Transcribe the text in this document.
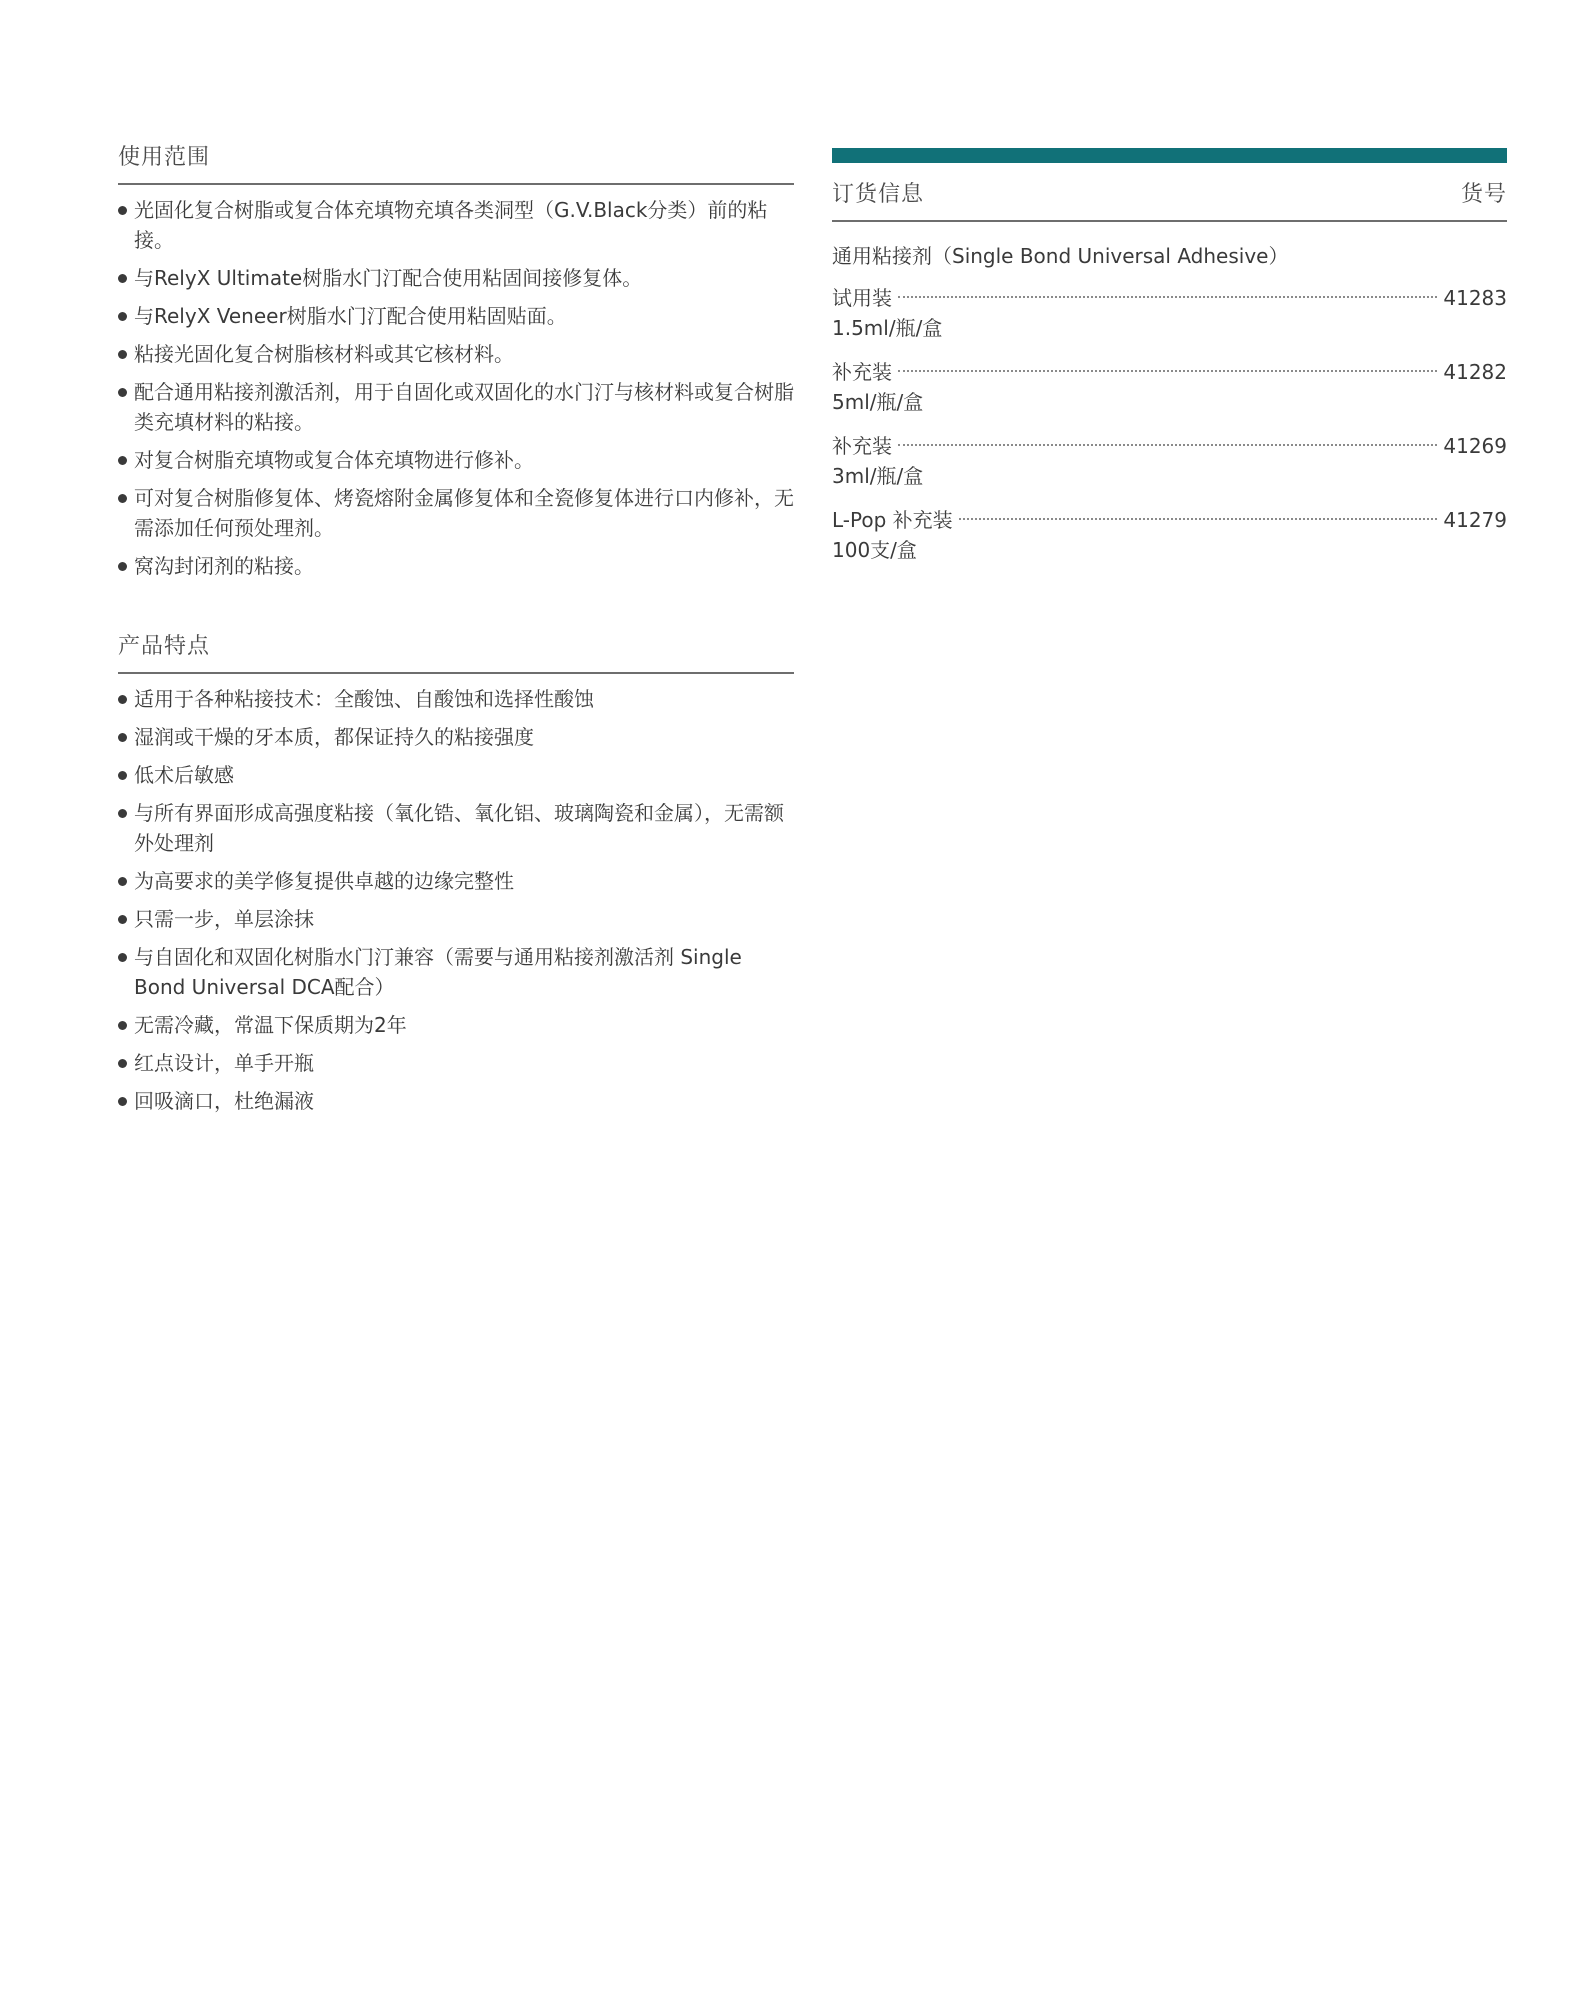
使用范围
光固化复合树脂或复合体充填物充填各类洞型（G.V.Black分类）前的粘接。
与RelyX Ultimate树脂水门汀配合使用粘固间接修复体。
与RelyX Veneer树脂水门汀配合使用粘固贴面。
粘接光固化复合树脂核材料或其它核材料。
配合通用粘接剂激活剂，用于自固化或双固化的水门汀与核材料或复合树脂类充填材料的粘接。
对复合树脂充填物或复合体充填物进行修补。
可对复合树脂修复体、烤瓷熔附金属修复体和全瓷修复体进行口内修补，无需添加任何预处理剂。
窝沟封闭剂的粘接。
产品特点
适用于各种粘接技术：全酸蚀、自酸蚀和选择性酸蚀
湿润或干燥的牙本质，都保证持久的粘接强度
低术后敏感
与所有界面形成高强度粘接（氧化锆、氧化铝、玻璃陶瓷和金属），无需额外处理剂
为高要求的美学修复提供卓越的边缘完整性
只需一步，单层涂抹
与自固化和双固化树脂水门汀兼容（需要与通用粘接剂激活剂 Single Bond Universal DCA配合）
无需冷藏，常温下保质期为2年
红点设计，单手开瓶
回吸滴口，杜绝漏液
订货信息	货号
通用粘接剂（Single Bond Universal Adhesive）
试用装	41283
1.5ml/瓶/盒
补充装	41282
5ml/瓶/盒
补充装	41269
3ml/瓶/盒
L-Pop 补充装	41279
100支/盒
